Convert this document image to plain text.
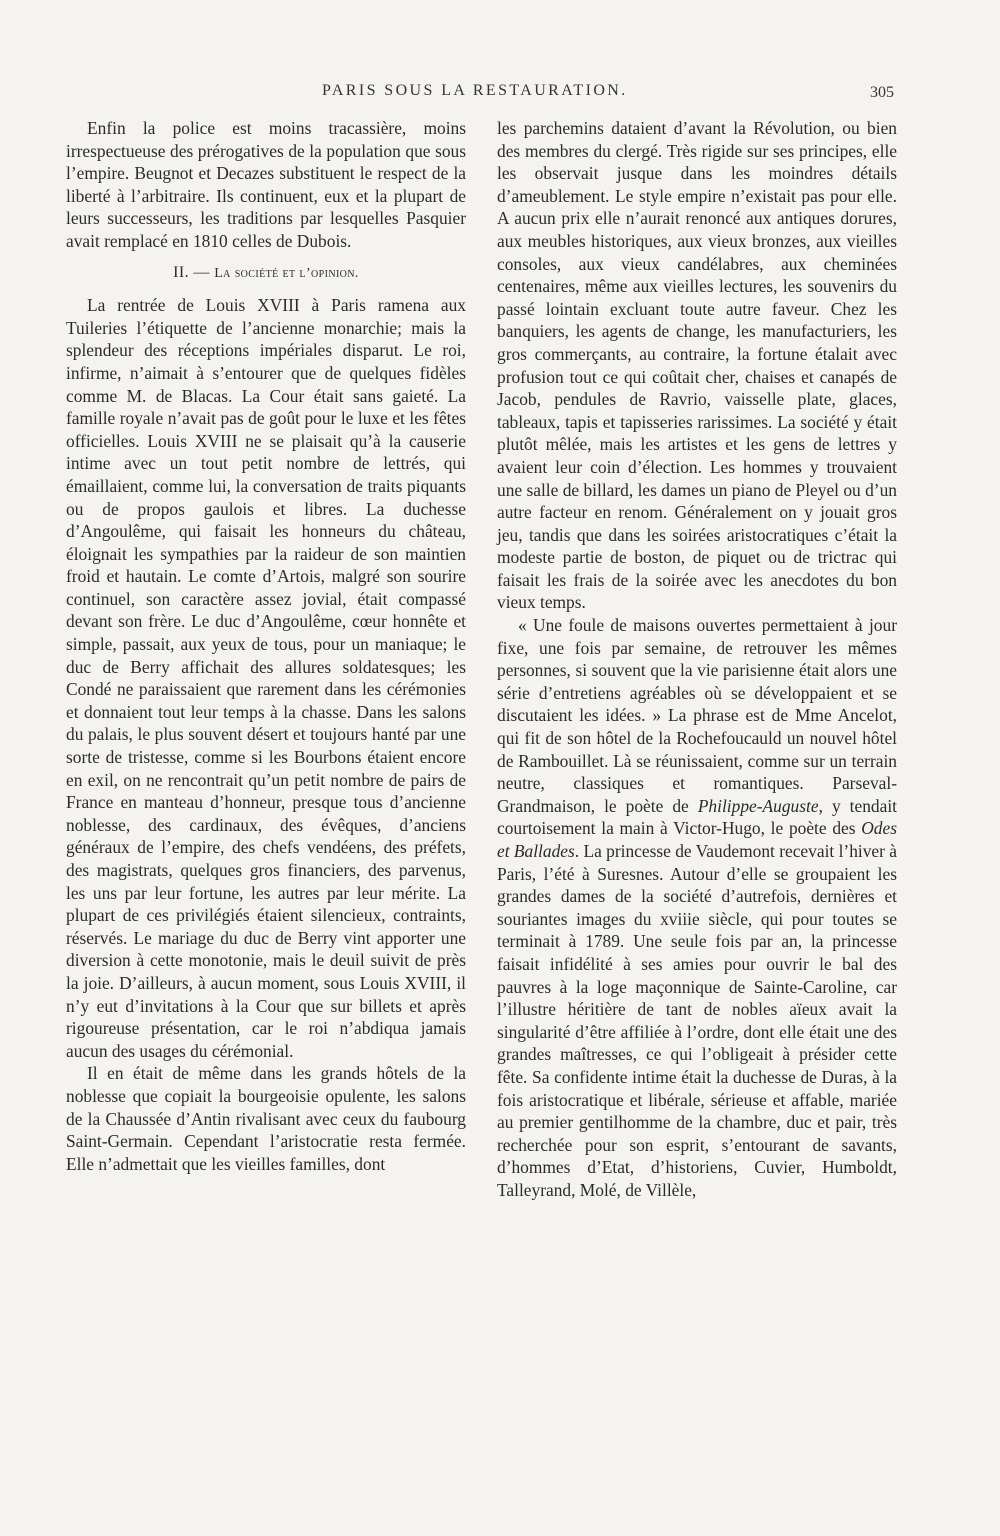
PARIS SOUS LA RESTAURATION.	305

Enfin la police est moins tracassière, moins irrespectueuse des prérogatives de la population que sous l’empire. Beugnot et Decazes substituent le respect de la liberté à l’arbitraire. Ils continuent, eux et la plupart de leurs successeurs, les traditions par lesquelles Pasquier avait remplacé en 1810 celles de Dubois.

II. — La société et l’opinion.

La rentrée de Louis XVIII à Paris ramena aux Tuileries l’étiquette de l’ancienne monarchie; mais la splendeur des réceptions impériales disparut. Le roi, infirme, n’aimait à s’entourer que de quelques fidèles comme M. de Blacas. La Cour était sans gaieté. La famille royale n’avait pas de goût pour le luxe et les fêtes officielles. Louis XVIII ne se plaisait qu’à la causerie intime avec un tout petit nombre de lettrés, qui émaillaient, comme lui, la conversation de traits piquants ou de propos gaulois et libres. La duchesse d’Angoulême, qui faisait les honneurs du château, éloignait les sympathies par la raideur de son maintien froid et hautain. Le comte d’Artois, malgré son sourire continuel, son caractère assez jovial, était compassé devant son frère. Le duc d’Angoulême, cœur honnête et simple, passait, aux yeux de tous, pour un maniaque; le duc de Berry affichait des allures soldatesques; les Condé ne paraissaient que rarement dans les cérémonies et donnaient tout leur temps à la chasse. Dans les salons du palais, le plus souvent désert et toujours hanté par une sorte de tristesse, comme si les Bourbons étaient encore en exil, on ne rencontrait qu’un petit nombre de pairs de France en manteau d’honneur, presque tous d’ancienne noblesse, des cardinaux, des évêques, d’anciens généraux de l’empire, des chefs vendéens, des préfets, des magistrats, quelques gros financiers, des parvenus, les uns par leur fortune, les autres par leur mérite. La plupart de ces privilégiés étaient silencieux, contraints, réservés. Le mariage du duc de Berry vint apporter une diversion à cette monotonie, mais le deuil suivit de près la joie. D’ailleurs, à aucun moment, sous Louis XVIII, il n’y eut d’invitations à la Cour que sur billets et après rigoureuse présentation, car le roi n’abdiqua jamais aucun des usages du cérémonial.

Il en était de même dans les grands hôtels de la noblesse que copiait la bourgeoisie opulente, les salons de la Chaussée d’Antin rivalisant avec ceux du faubourg Saint-Germain. Cependant l’aristocratie resta fermée. Elle n’admettait que les vieilles familles, dont

les parchemins dataient d’avant la Révolution, ou bien des membres du clergé. Très rigide sur ses principes, elle les observait jusque dans les moindres détails d’ameublement. Le style empire n’existait pas pour elle. A aucun prix elle n’aurait renoncé aux antiques dorures, aux meubles historiques, aux vieux bronzes, aux vieilles consoles, aux vieux candélabres, aux cheminées centenaires, même aux vieilles lectures, les souvenirs du passé lointain excluant toute autre faveur. Chez les banquiers, les agents de change, les manufacturiers, les gros commerçants, au contraire, la fortune étalait avec profusion tout ce qui coûtait cher, chaises et canapés de Jacob, pendules de Ravrio, vaisselle plate, glaces, tableaux, tapis et tapisseries rarissimes. La société y était plutôt mêlée, mais les artistes et les gens de lettres y avaient leur coin d’élection. Les hommes y trouvaient une salle de billard, les dames un piano de Pleyel ou d’un autre facteur en renom. Généralement on y jouait gros jeu, tandis que dans les soirées aristocratiques c’était la modeste partie de boston, de piquet ou de trictrac qui faisait les frais de la soirée avec les anecdotes du bon vieux temps.

« Une foule de maisons ouvertes permettaient à jour fixe, une fois par semaine, de retrouver les mêmes personnes, si souvent que la vie parisienne était alors une série d’entretiens agréables où se développaient et se discutaient les idées. » La phrase est de Mme Ancelot, qui fit de son hôtel de la Rochefoucauld un nouvel hôtel de Rambouillet. Là se réunissaient, comme sur un terrain neutre, classiques et romantiques. Parseval-Grandmaison, le poète de Philippe-Auguste, y tendait courtoisement la main à Victor-Hugo, le poète des Odes et Ballades. La princesse de Vaudemont recevait l’hiver à Paris, l’été à Suresnes. Autour d’elle se groupaient les grandes dames de la société d’autrefois, dernières et souriantes images du xviiie siècle, qui pour toutes se terminait à 1789. Une seule fois par an, la princesse faisait infidélité à ses amies pour ouvrir le bal des pauvres à la loge maçonnique de Sainte-Caroline, car l’illustre héritière de tant de nobles aïeux avait la singularité d’être affiliée à l’ordre, dont elle était une des grandes maîtresses, ce qui l’obligeait à présider cette fête. Sa confidente intime était la duchesse de Duras, à la fois aristocratique et libérale, sérieuse et affable, mariée au premier gentilhomme de la chambre, duc et pair, très recherchée pour son esprit, s’entourant de savants, d’hommes d’Etat, d’historiens, Cuvier, Humboldt, Talleyrand, Molé, de Villèle,
